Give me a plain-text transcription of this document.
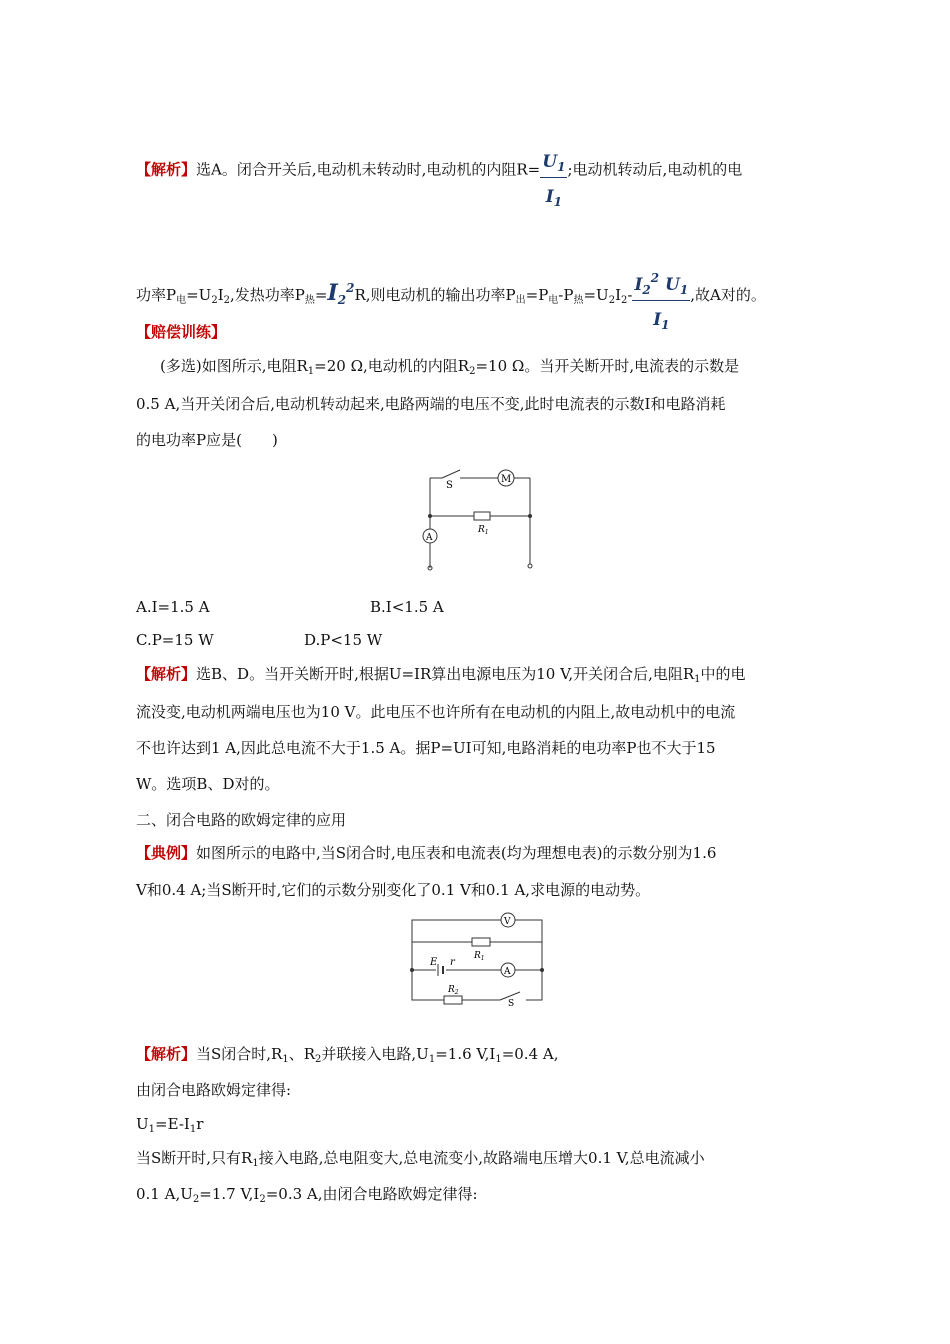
【解析】选A。闭合开关后,电动机未转动时,电动机的内阻$R= \frac{U_1}{I_1}$ ;电动机转动后,电动机的电
功率$P_电=U_2I_2$,发热功率$P_热=I2^2R$,则电动机的输出功率$P_出=P_电-P_热=U_2I_2- \frac{I_2^2 U_1}{I_1}$ ,故A对的。
【赔偿训练】
(多选)如图所示,电阻$R_1=20$ Ω,电动机的内阻$R_2=10$ Ω。当开关断开时,电流表的示数是
0.5 A,当开关闭合后,电动机转动起来,电路两端的电压不变,此时电流表的示数I和电路消耗
的电功率P应是(　　)
S
M
A
$R_1$
A.I=1.5 A	B.I<1.5 A
C.P=15 W	D.P<15 W
【解析】选B、D。当开关断开时,根据U=IR算出电源电压为10 V,开关闭合后,电阻$R_1$中的电
流没变,电动机两端电压也为10 V。此电压不也许所有在电动机的内阻上,故电动机中的电流
不也许达到1 A,因此总电流不大于1.5 A。据P=UI可知,电路消耗的电功率P也不大于15
W。选项B、D对的。
二、闭合电路的欧姆定律的应用
【典例】如图所示的电路中,当S闭合时,电压表和电流表(均为理想电表)的示数分别为1.6
V和0.4 A;当S断开时,它们的示数分别变化了0.1 V和0.1 A,求电源的电动势。
V
A
E r
$R_1$
$R_2$
S
【解析】当S闭合时$,R_1$、$R_2$并联接入电路$,U_1=1.6$ $V,I_1=0.4$ A,
由闭合电路欧姆定律得:
$U_1=E-I_1r$
当S断开时,只有$R_1$接入电路,总电阻变大,总电流变小,故路端电压增大0.1 V,总电流减小
0.1 $A,U_2=1.7$ $V,I_2=0.3$ A,由闭合电路欧姆定律得:
